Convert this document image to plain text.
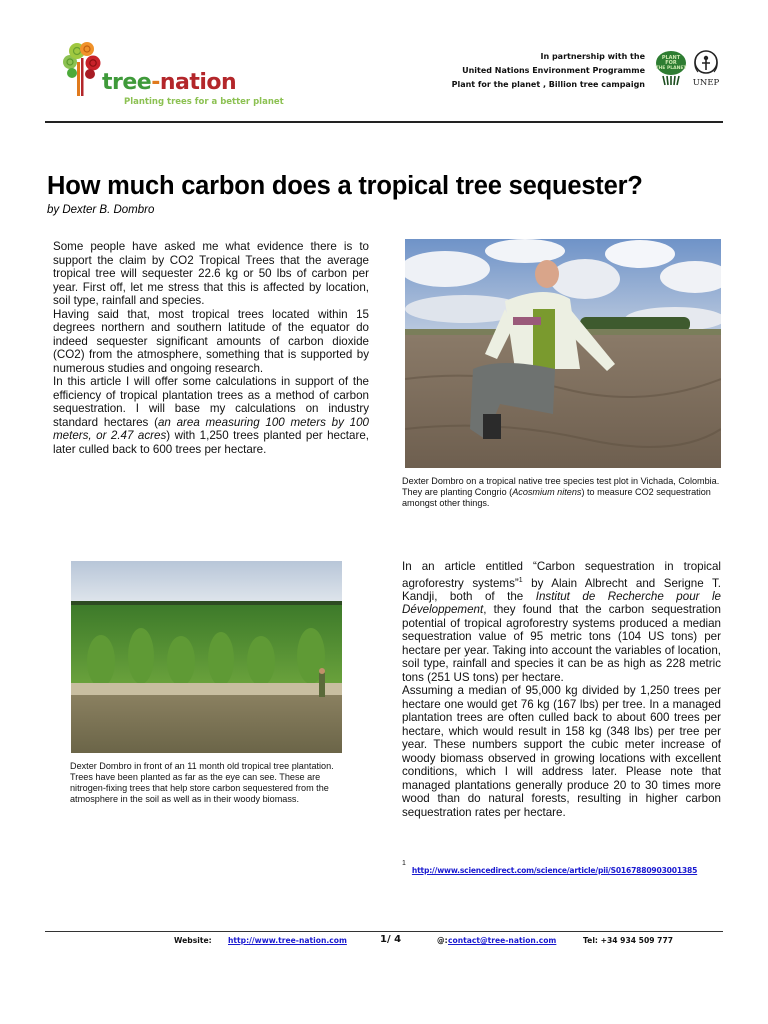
tree-nation
Planting trees for a better planet
In partnership with the
United Nations Environment Programme
Plant for the planet , Billion tree campaign
PLANT
FOR
THE PLANET
UNEP
How much carbon does a tropical tree sequester?
by Dexter B. Dombro

Some people have asked me what evidence there is to support the claim by CO2 Tropical Trees that the average tropical tree will sequester 22.6 kg or 50 lbs of carbon per year. First off, let me stress that this is affected by location, soil type, rainfall and species.

Having said that, most tropical trees located within 15 degrees northern and southern latitude of the equator do indeed sequester significant amounts of carbon dioxide (CO2) from the atmosphere, something that is supported by numerous studies and ongoing research.

In this article I will offer some calculations in support of the efficiency of tropical plantation trees as a method of carbon sequestration. I will base my calculations on industry standard hectares (an area measuring 100 meters by 100 meters, or 2.47 acres) with 1,250 trees planted per hectare, later culled back to 600 trees per hectare.

Dexter Dombro on a tropical native tree species test plot in Vichada, Colombia. They are planting Congrio (Acosmium nitens) to measure CO2 sequestration amongst other things.
Dexter Dombro in front of an 11 month old tropical tree plantation. Trees have been planted as far as the eye can see. These are nitrogen-fixing trees that help store carbon sequestered from the atmosphere in the soil as well as in their woody biomass.

In an article entitled “Carbon sequestration in tropical agroforestry systems”$^1$ by Alain Albrecht and Serigne T. Kandji, both of the Institut de Recherche pour le Développement, they found that the carbon sequestration potential of tropical agroforestry systems produced a median sequestration value of 95 metric tons (104 US tons) per hectare per year. Taking into account the variables of location, soil type, rainfall and species it can be as high as 228 metric tons (251 US tons) per hectare.

Assuming a median of 95,000 kg divided by 1,250 trees per hectare one would get 76 kg (167 lbs) per tree. In a managed plantation trees are often culled back to about 600 trees per hectare, which would result in 158 kg (348 lbs) per tree per year. These numbers support the cubic meter increase of woody biomass observed in growing locations with excellent conditions, which I will address later. Please note that managed plantations generally produce 20 to 30 times more wood than do natural forests, resulting in higher carbon sequestration rates per hectare.

$^1$http://www.sciencedirect.com/science/article/pii/S0167880903001385
Website: http://www.tree-nation.com	1/ 4	@: contact@tree-nation.com	Tel: +34 934 509 777
